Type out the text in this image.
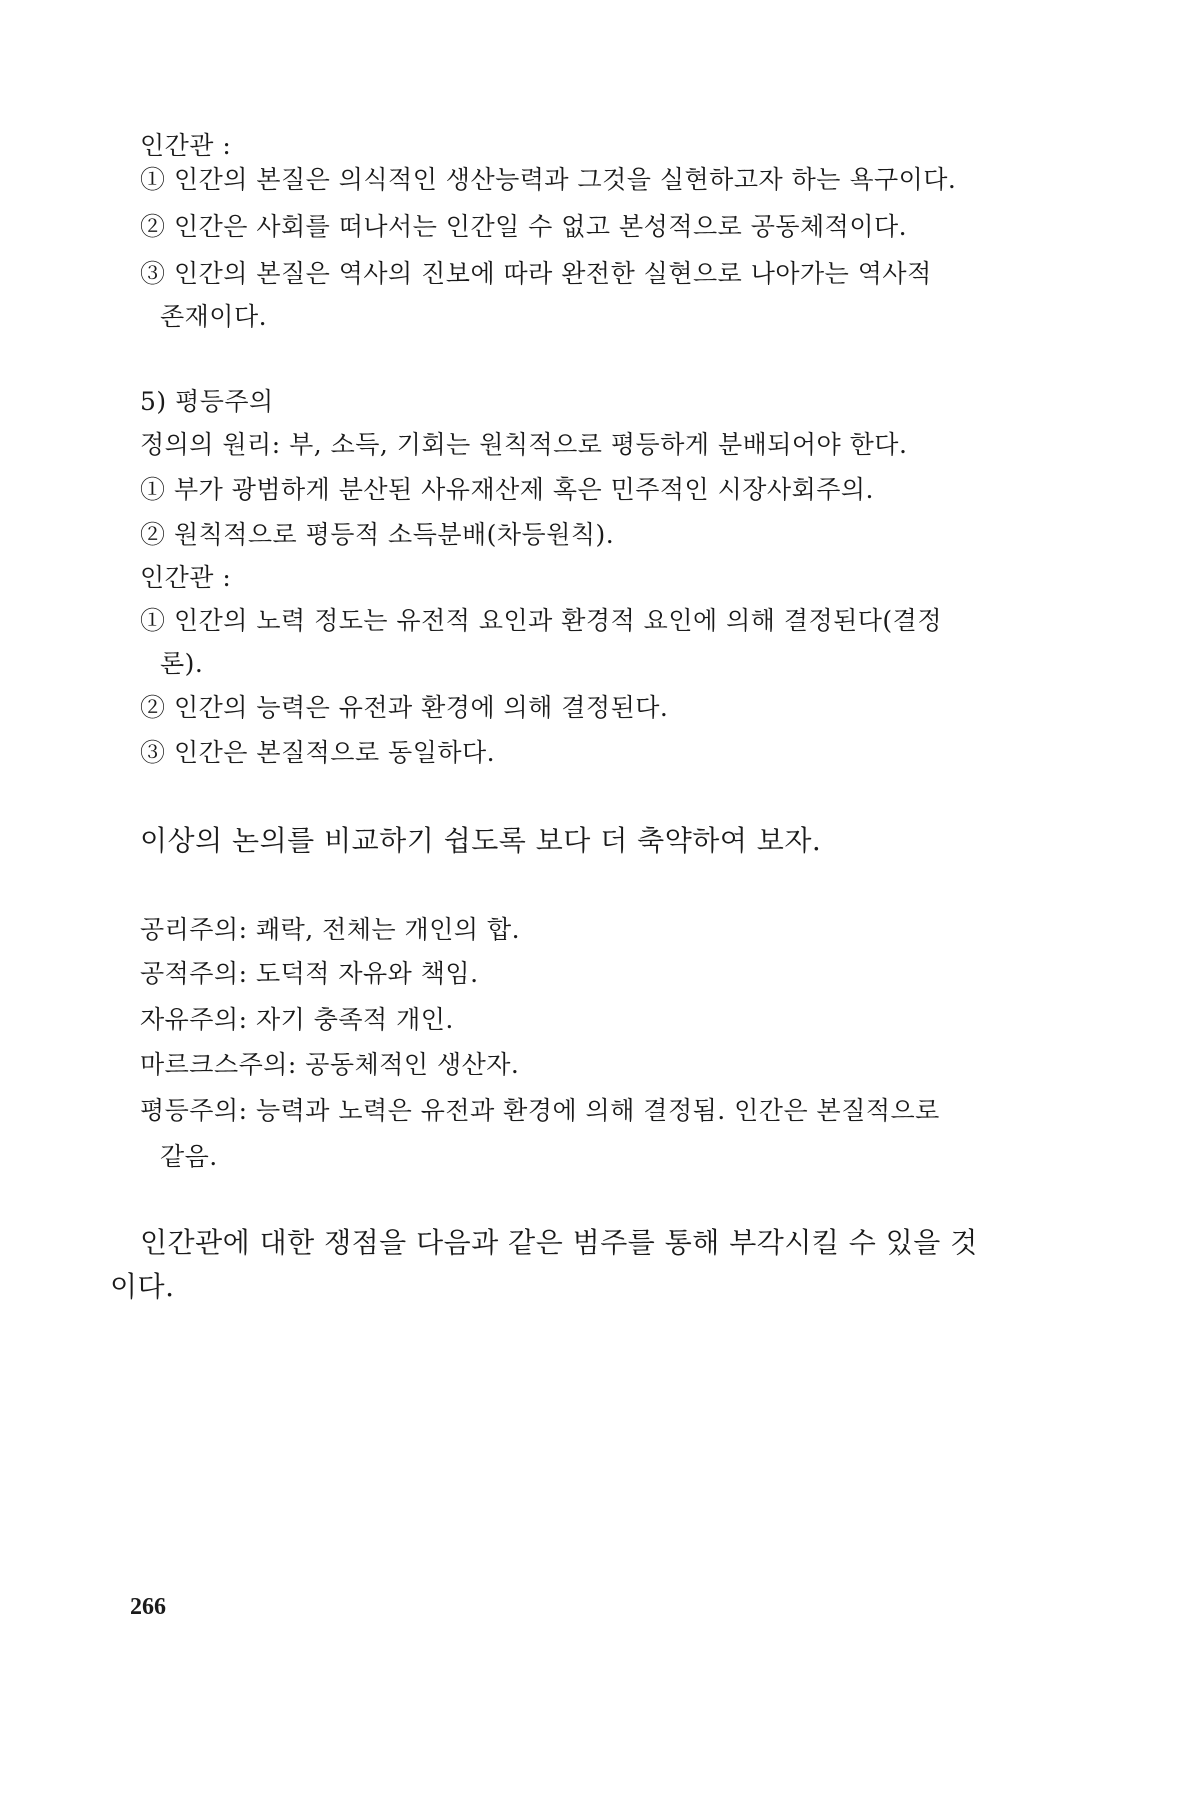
인간관 :
① 인간의 본질은 의식적인 생산능력과 그것을 실현하고자 하는 욕구이다.
② 인간은 사회를 떠나서는 인간일 수 없고 본성적으로 공동체적이다.
③ 인간의 본질은 역사의 진보에 따라 완전한 실현으로 나아가는 역사적
존재이다.
5) 평등주의
정의의 원리: 부, 소득, 기회는 원칙적으로 평등하게 분배되어야 한다.
① 부가 광범하게 분산된 사유재산제 혹은 민주적인 시장사회주의.
② 원칙적으로 평등적 소득분배(차등원칙).
인간관 :
① 인간의 노력 정도는 유전적 요인과 환경적 요인에 의해 결정된다(결정
론).
② 인간의 능력은 유전과 환경에 의해 결정된다.
③ 인간은 본질적으로 동일하다.
이상의 논의를 비교하기 쉽도록 보다 더 축약하여 보자.
공리주의: 쾌락, 전체는 개인의 합.
공적주의: 도덕적 자유와 책임.
자유주의: 자기 충족적 개인.
마르크스주의: 공동체적인 생산자.
평등주의: 능력과 노력은 유전과 환경에 의해 결정됨. 인간은 본질적으로
같음.
인간관에 대한 쟁점을 다음과 같은 범주를 통해 부각시킬 수 있을 것
이다.
266
